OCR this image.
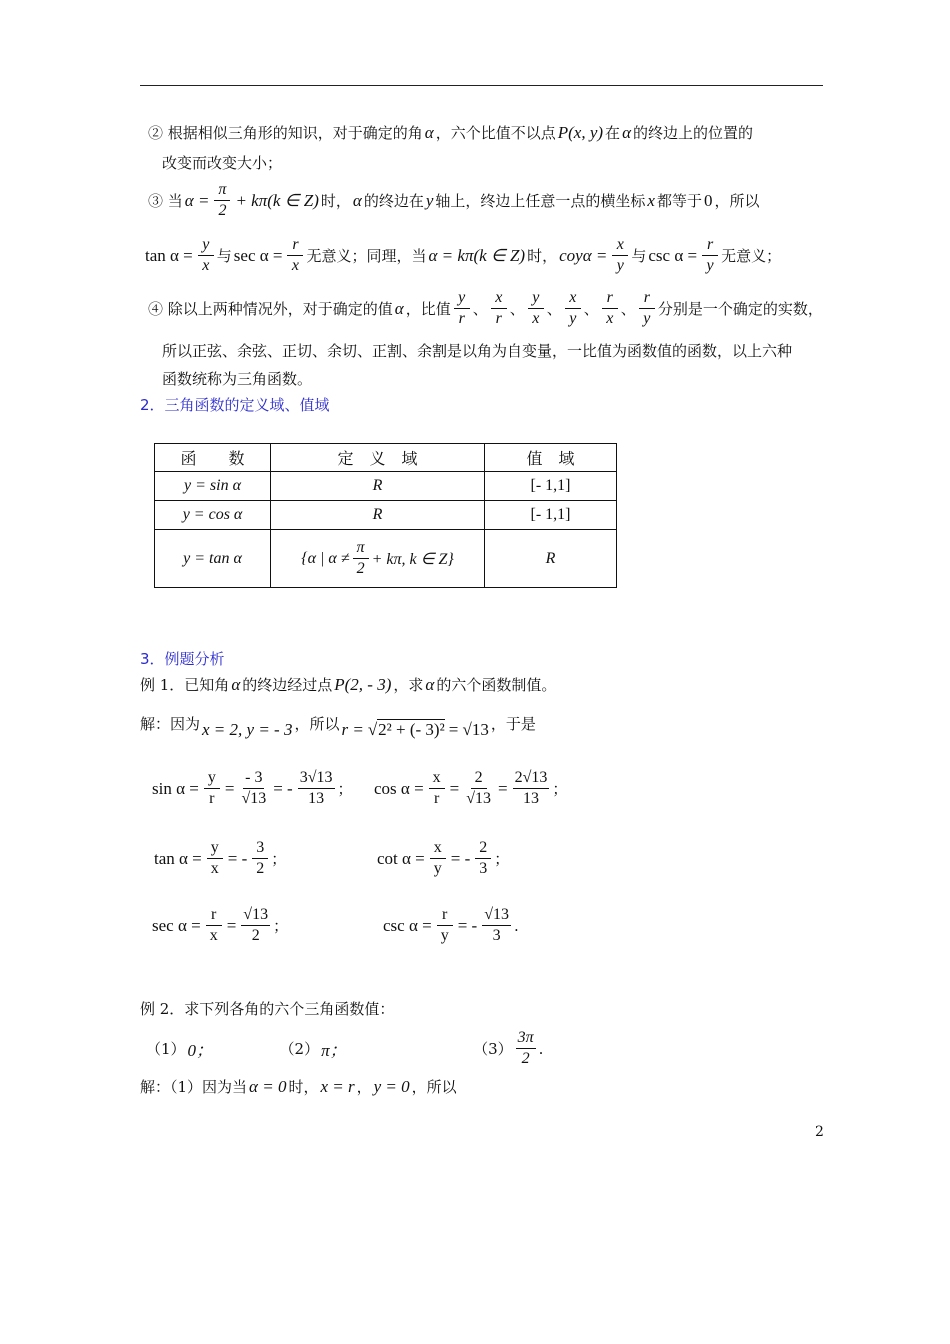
② 根据相似三角形的知识，对于确定的角 α ，六个比值不以点 P(x, y) 在 α 的终边上的位置的
改变而改变大小；
③ 当 $\alpha = \frac{\pi}{2} + k\pi(k$ ∈ Z) 时， α 的终边在 y 轴上，终边上任意一点的横坐标 x 都等于 0 ，所以
$\tan \alpha = \frac{y}{x}$ 与 $\sec \alpha = \frac{r}{x}$ 无意义；同理，当 α = kπ(k ∈ Z) 时， $coy\alpha = \frac{x}{y}$ 与 $\csc \alpha = \frac{r}{y}$ 无意义；
④ 除以上两种情况外，对于确定的值 α ，比值 $\frac{y}{r}$ 、 $\frac{x}{r}$ 、 $\frac{y}{x}$ 、 $\frac{x}{y}$ 、 $\frac{r}{x}$ 、 $\frac{r}{y}$ 分别是一个确定的实数，
所以正弦、余弦、正切、余切、正割、余割是以角为自变量，一比值为函数值的函数，以上六种
函数统称为三角函数。
2．三角函数的定义域、值域
函　　数	定　义　域	值　域
y = sin α	R	[- 1,1]
y = cos α	R	[- 1,1]
y = tan α	{α | $\alpha \ne \frac{\pi}{2} + k\pi$, k ∈ Z}	R
3．例题分析
例 1．已知角 α 的终边经过点 P(2, - 3) ，求 α 的六个函数制值。
解：因为 x = 2, y = - 3 ，所以 r = √2² + (- 3)² = √13 ，于是
$\sin \alpha = \frac{y}{r} = \frac{- 3}{√13}$ = - $\frac{3√13}{13}$ ； $\cos \alpha = \frac{x}{r} = \frac{2}{√13} = \frac{2√13}{13}$ ；
$\tan \alpha = \frac{y}{x}$ = - $\frac{3}{2}$ ；	$\cot \alpha = \frac{x}{y}$ = - $\frac{2}{3}$ ；
$\sec \alpha = \frac{r}{x} = \frac{√13}{2}$ ；	$\csc \alpha = \frac{r}{y}$ = - $\frac{√13}{3}$ .
例 2．求下列各角的六个三角函数值：
（1） 0；	（2） π；	$(3) \frac{3\pi}{2}$ .
解：（1）因为当 α = 0 时， x = r ， y = 0 ，所以
2
